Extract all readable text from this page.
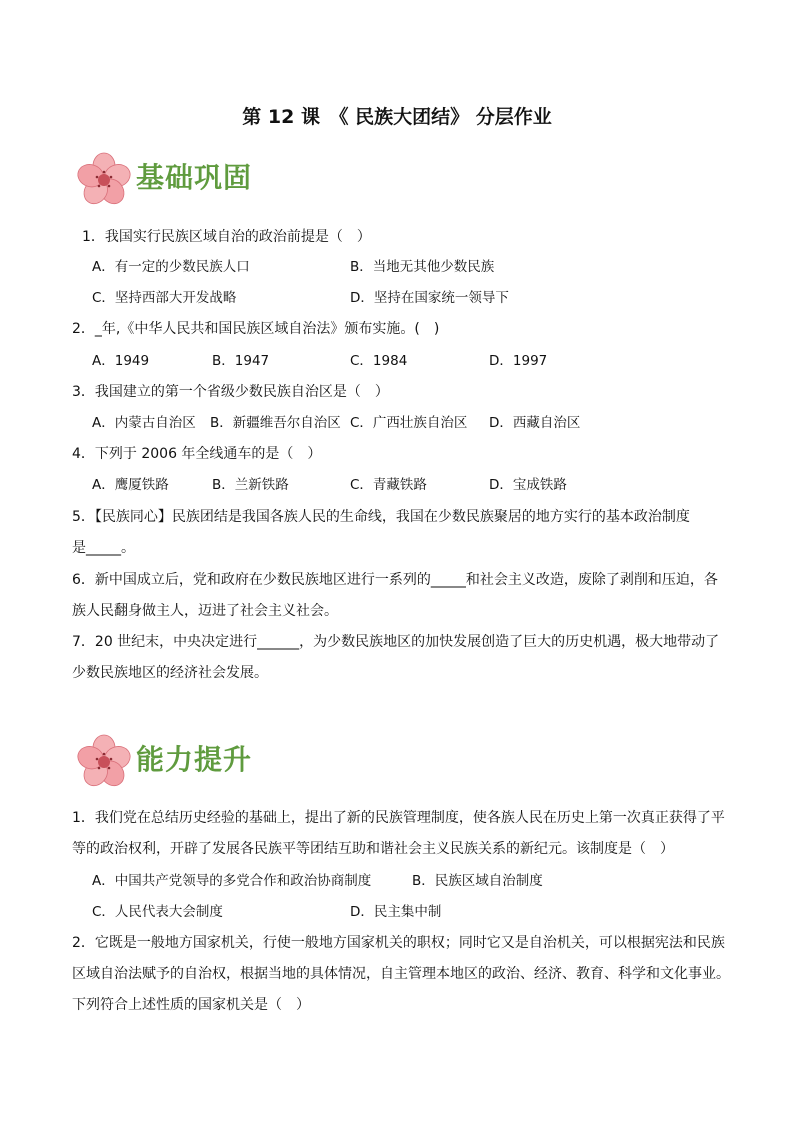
第 12 课　《 民族大团结》 分层作业
基础巩固
1．我国实行民族区域自治的政治前提是（　）
A．有一定的少数民族人口	B．当地无其他少数民族
C．坚持西部大开发战略	D．坚持在国家统一领导下
2．_年,《中华人民共和国民族区域自治法》颁布实施。(　)
A．1949	B．1947	C．1984	D．1997
3．我国建立的第一个省级少数民族自治区是（　）
A．内蒙古自治区 B．新疆维吾尔自治区 C．广西壮族自治区 D．西藏自治区
4．下列于 2006 年全线通车的是（　）
A．鹰厦铁路	B．兰新铁路	C．青藏铁路	D．宝成铁路
5．【民族同心】民族团结是我国各族人民的生命线，我国在少数民族聚居的地方实行的基本政治制度
是_____。
6．新中国成立后，党和政府在少数民族地区进行一系列的_____和社会主义改造，废除了剥削和压迫，各
族人民翻身做主人，迈进了社会主义社会。
7．20 世纪末，中央决定进行______，为少数民族地区的加快发展创造了巨大的历史机遇，极大地带动了
少数民族地区的经济社会发展。
能力提升
1．我们党在总结历史经验的基础上，提出了新的民族管理制度，使各族人民在历史上第一次真正获得了平
等的政治权利，开辟了发展各民族平等团结互助和谐社会主义民族关系的新纪元。该制度是（　）
A．中国共产党领导的多党合作和政治协商制度	B．民族区域自治制度
C．人民代表大会制度	D．民主集中制
2．它既是一般地方国家机关，行使一般地方国家机关的职权；同时它又是自治机关，可以根据宪法和民族
区域自治法赋予的自治权，根据当地的具体情况，自主管理本地区的政治、经济、教育、科学和文化事业。
下列符合上述性质的国家机关是（　）
